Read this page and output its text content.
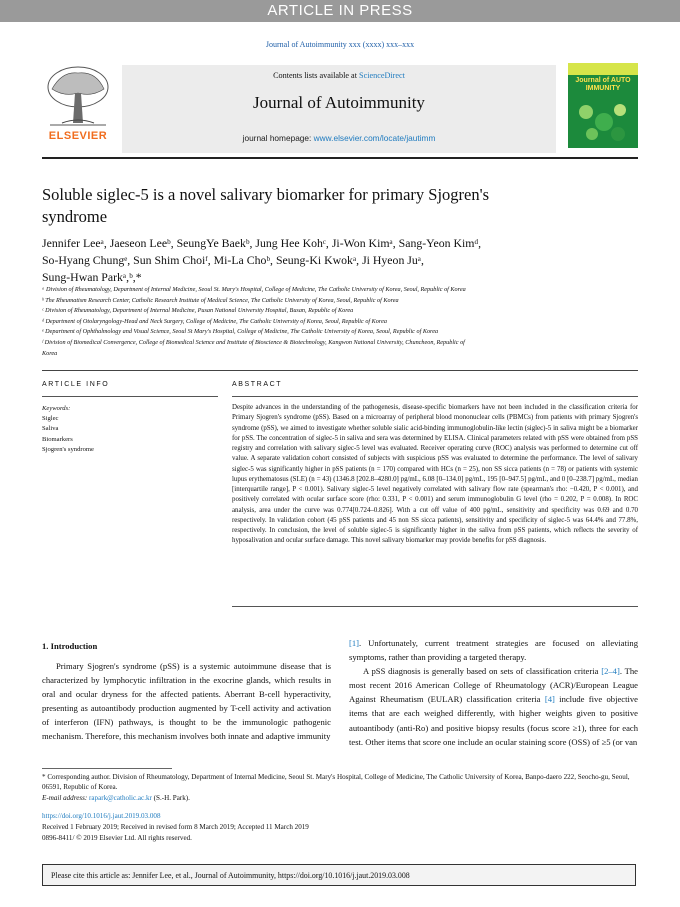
ARTICLE IN PRESS
Journal of Autoimmunity xxx (xxxx) xxx–xxx
ELSEVIER
Contents lists available at ScienceDirect
Journal of Autoimmunity
journal homepage: www.elsevier.com/locate/jautimm
Journal of AUTO IMMUNITY
Soluble siglec-5 is a novel salivary biomarker for primary Sjogren's
syndrome
Jennifer Leeᵃ, Jaeseon Leeᵇ, SeungYe Baekᵇ, Jung Hee Kohᶜ, Ji-Won Kimᵃ, Sang-Yeon Kimᵈ,
So-Hyang Chungᵉ, Sun Shim Choiᶠ, Mi-La Choᵇ, Seung-Ki Kwokᵃ, Ji Hyeon Juᵃ,
Sung-Hwan Parkᵃ,ᵇ,*
ᵃ Division of Rheumatology, Department of Internal Medicine, Seoul St. Mary's Hospital, College of Medicine, The Catholic University of Korea, Seoul, Republic of Korea
ᵇ The Rheumatism Research Center, Catholic Research Institute of Medical Science, The Catholic University of Korea, Seoul, Republic of Korea
ᶜ Division of Rheumatology, Department of Internal Medicine, Pusan National University Hospital, Busan, Republic of Korea
ᵈ Department of Otolaryngology-Head and Neck Surgery, College of Medicine, The Catholic University of Korea, Seoul, Republic of Korea
ᵉ Department of Ophthalmology and Visual Science, Seoul St Mary's Hospital, College of Medicine, The Catholic University of Korea, Seoul, Republic of Korea
ᶠ Division of Biomedical Convergence, College of Biomedical Science and Institute of Bioscience & Biotechnology, Kangwon National University, Chuncheon, Republic of
Korea
ARTICLE INFO	ABSTRACT
Keywords:
Siglec
Saliva
Biomarkers
Sjogren's syndrome
Despite advances in the understanding of the pathogenesis, disease-specific biomarkers have not been included in the classification criteria for Primary Sjogren's syndrome (pSS). Based on a microarray of peripheral blood mononuclear cells (PBMCs) from patients with primary Sjogren's syndrome (pSS), we aimed to investigate whether soluble sialic acid-binding immunoglobulin-like lectin (siglec)-5 in saliva might be a biomarker for pSS. The concentration of siglec-5 in saliva and sera was determined by ELISA. Clinical parameters related with pSS were obtained from pSS registry and correlation with salivary siglec-5 level was evaluated. Receiver operating curve (ROC) analysis was performed to determine cut off value. A separate validation cohort consisted of subjects with suspicious pSS was evaluated to determine the performance. The level of salivary siglec-5 was significantly higher in pSS patients (n = 170) compared with HCs (n = 25), non SS sicca patients (n = 78) or patients with systemic lupus erythematosus (SLE) (n = 43) (1346.8 [202.8–4280.0] pg/mL, 6.08 [0–134.0] pg/mL, 195 [0–947.5] pg/mL, and 0 [0–238.7] pg/mL, median [interquartile range], P < 0.001). Salivary siglec-5 level negatively correlated with salivary flow rate (spearman's rho: −0.420, P < 0.001), and positively correlated with ocular surface score (rho: 0.331, P < 0.001) and serum immunoglobulin G level (rho = 0.202, P = 0.008). In ROC analysis, area under the curve was 0.774[0.724–0.826]. With a cut off value of 400 pg/mL, sensitivity and specificity was 0.69 and 0.70 respectively. In validation cohort (45 pSS patients and 45 non SS sicca patients), sensitivity and specificity of siglec-5 was 64.4% and 77.8%, respectively. In conclusion, the level of soluble siglec-5 is significantly higher in the saliva from pSS patients, which reflects the severity of hyposalivation and ocular surface damage. This novel salivary biomarker may provide benefits for pSS diagnosis.
1. Introduction

Primary Sjogren's syndrome (pSS) is a systemic autoimmune disease that is characterized by lymphocytic infiltration in the exocrine glands, which results in oral and ocular dryness for the affected patients. Aberrant B-cell hyperactivity, presenting as autoantibody production augmented by T-cell activity and activation of interferon (IFN) pathways, is thought to be the immunologic pathogenic mechanism. Therefore, this mechanism involves both innate and adaptive immunity

[1]. Unfortunately, current treatment strategies are focused on alleviating symptoms, rather than providing a targeted therapy.

A pSS diagnosis is generally based on sets of classification criteria [2–4]. The most recent 2016 American College of Rheumatology (ACR)/European League Against Rheumatism (EULAR) classification criteria [4] include five objective items that are each weighed differently, with higher weights given to positive autoantibody (anti-Ro) and positive biopsy results (focus score ≥1), three for each test. Other items that score one include an ocular staining score (OSS) of ≥5 (or van

* Corresponding author. Division of Rheumatology, Department of Internal Medicine, Seoul St. Mary's Hospital, College of Medicine, The Catholic University of Korea, Banpo-daero 222, Seocho-gu, Seoul, 06591, Republic of Korea.
E-mail address: rapark@catholic.ac.kr (S.-H. Park).
https://doi.org/10.1016/j.jaut.2019.03.008
Received 1 February 2019; Received in revised form 8 March 2019; Accepted 11 March 2019
0896-8411/ © 2019 Elsevier Ltd. All rights reserved.
Please cite this article as: Jennifer Lee, et al., Journal of Autoimmunity, https://doi.org/10.1016/j.jaut.2019.03.008
